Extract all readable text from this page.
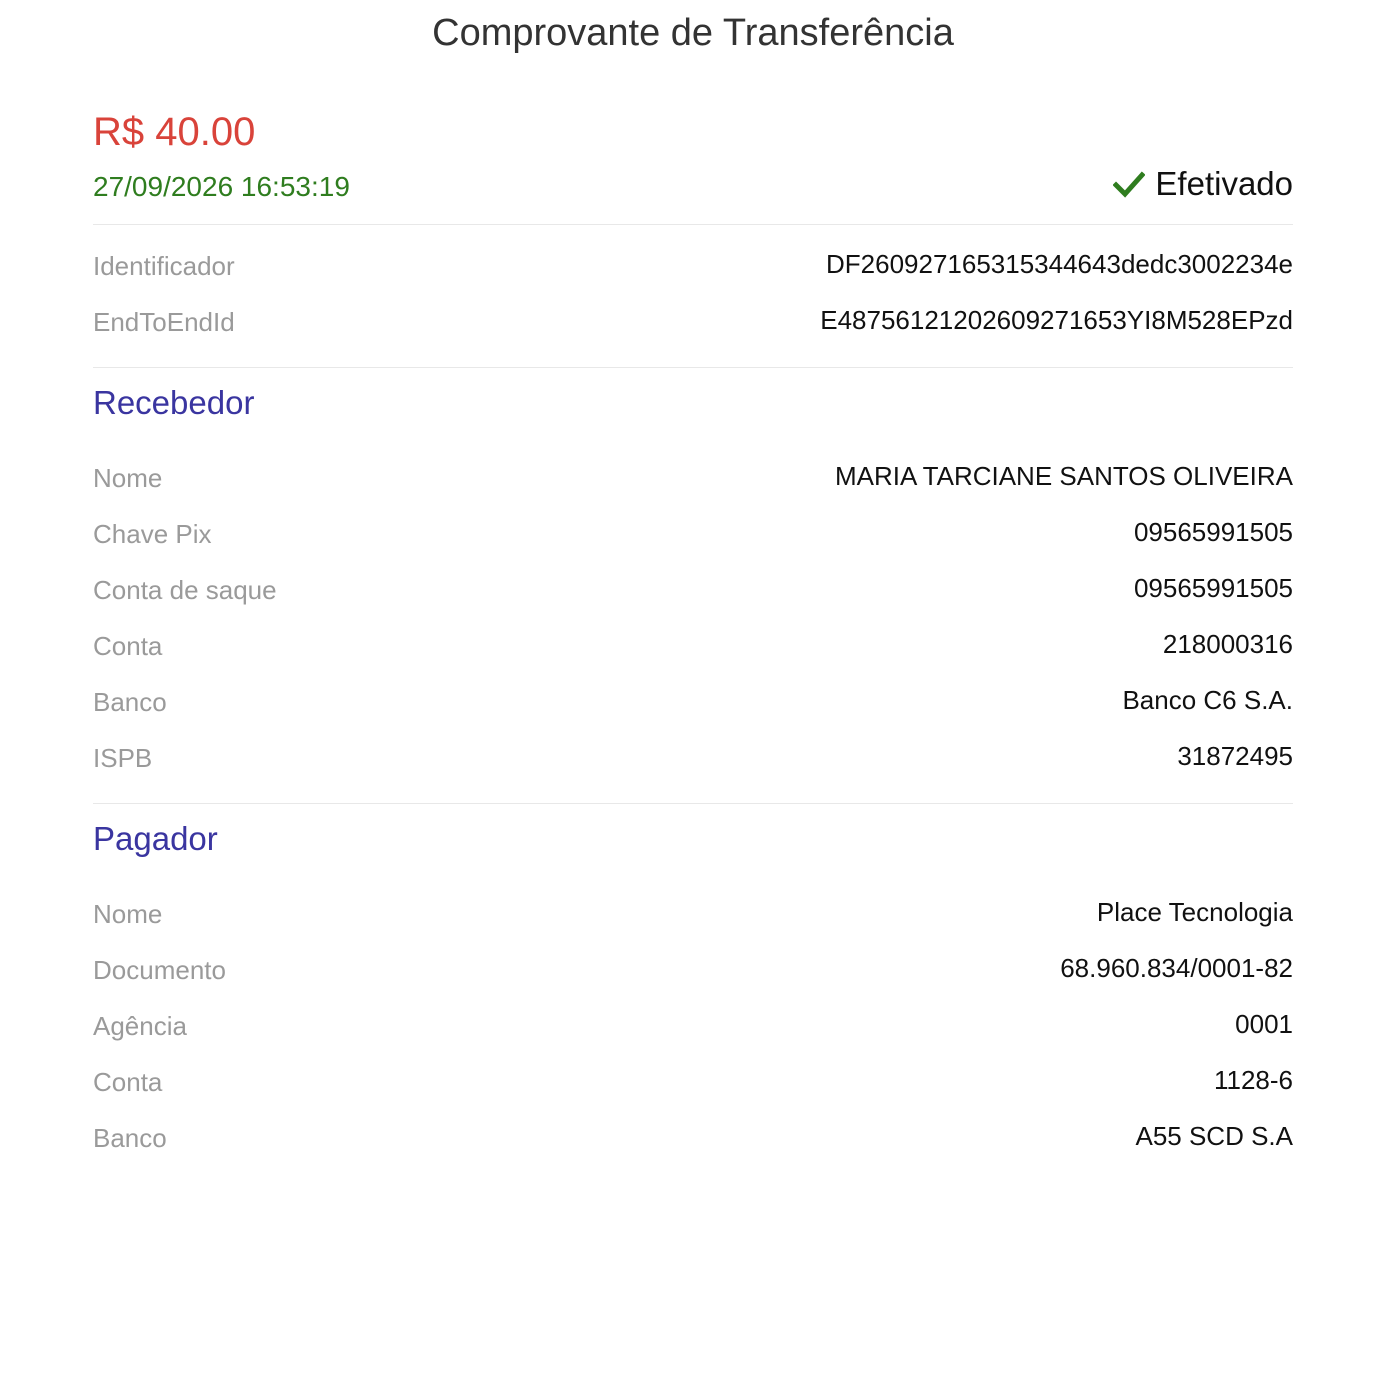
Comprovante de Transferência
R$ 40.00
27/09/2026 16:53:19	Efetivado
Identificador	DF260927165315344643dedc3002234e
EndToEndId	E48756121202609271653YI8M528EPzd
Recebedor
Nome	MARIA TARCIANE SANTOS OLIVEIRA
Chave Pix	09565991505
Conta de saque	09565991505
Conta	218000316
Banco	Banco C6 S.A.
ISPB	31872495
Pagador
Nome	Place Tecnologia
Documento	68.960.834/0001-82
Agência	0001
Conta	1128-6
Banco	A55 SCD S.A
